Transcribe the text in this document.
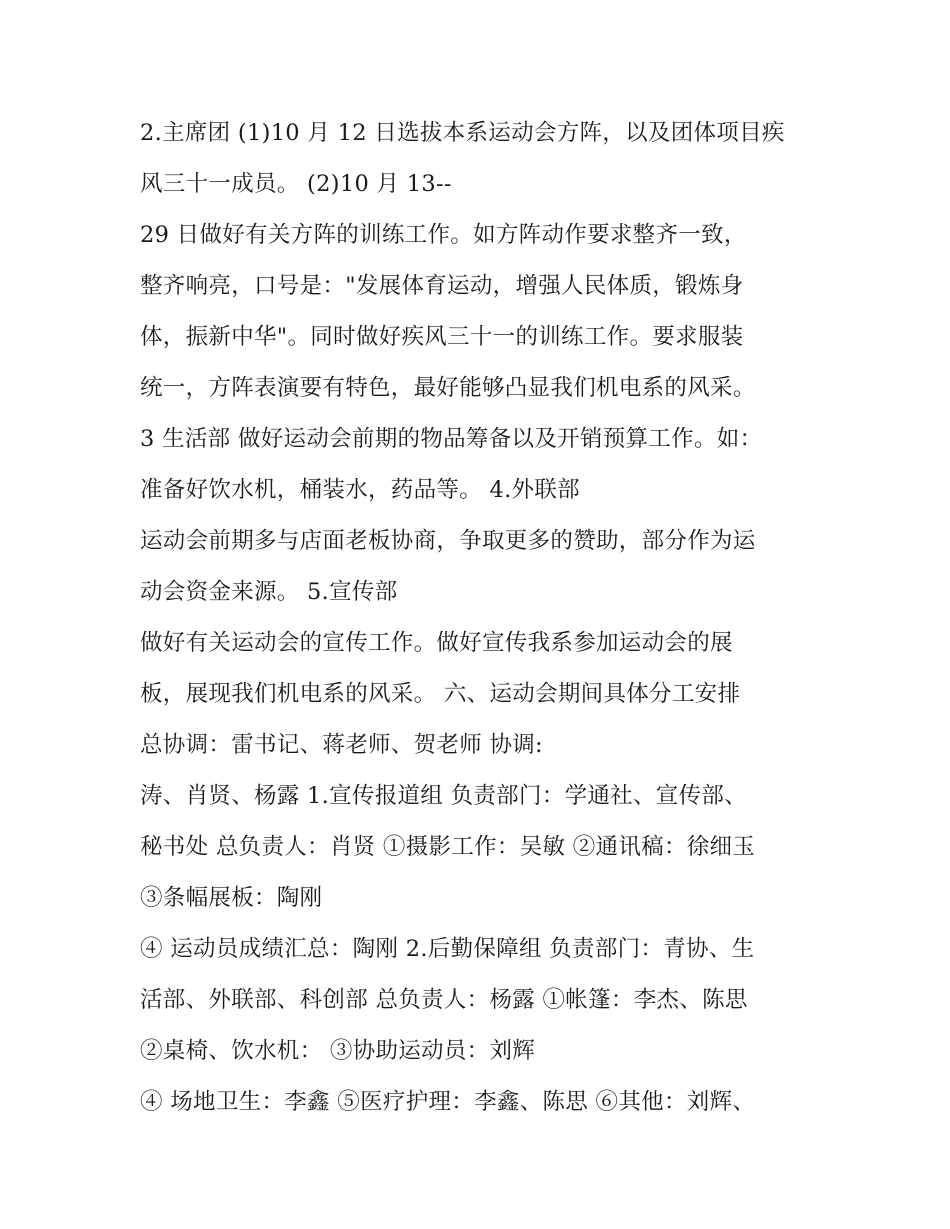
2.主席团 (1)10 月 12 日选拔本系运动会方阵，以及团体项目疾
风三十一成员。 (2)10 月 13--
29 日做好有关方阵的训练工作。如方阵动作要求整齐一致，
整齐响亮，口号是："发展体育运动，增强人民体质，锻炼身
体，振新中华"。同时做好疾风三十一的训练工作。要求服装
统一，方阵表演要有特色，最好能够凸显我们机电系的风采。
3 生活部 做好运动会前期的物品筹备以及开销预算工作。如：
准备好饮水机，桶装水，药品等。 4.外联部
运动会前期多与店面老板协商，争取更多的赞助，部分作为运
动会资金来源。 5.宣传部
做好有关运动会的宣传工作。做好宣传我系参加运动会的展
板，展现我们机电系的风采。 六、运动会期间具体分工安排
总协调：雷书记、蒋老师、贺老师 协调:
涛、肖贤、杨露 1.宣传报道组 负责部门：学通社、宣传部、
秘书处 总负责人：肖贤 ①摄影工作：吴敏 ②通讯稿：徐细玉
③条幅展板：陶刚
④ 运动员成绩汇总：陶刚 2.后勤保障组 负责部门：青协、生
活部、外联部、科创部 总负责人：杨露 ①帐篷：李杰、陈思
②桌椅、饮水机： ③协助运动员：刘辉
④ 场地卫生：李鑫 ⑤医疗护理：李鑫、陈思 ⑥其他：刘辉、
